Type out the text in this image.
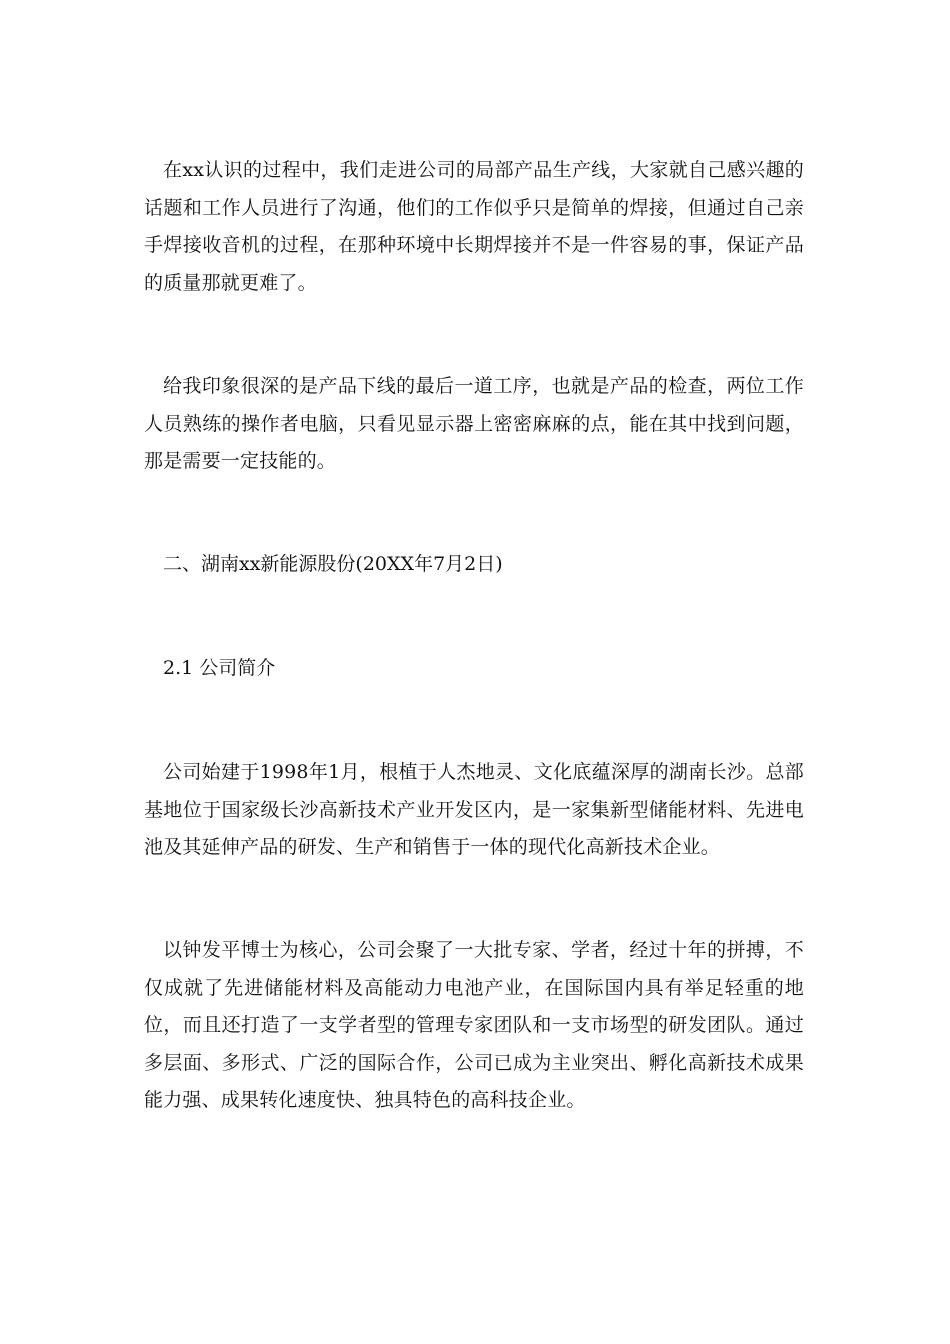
在xx认识的过程中，我们走进公司的局部产品生产线，大家就自己感兴趣的话题和工作人员进行了沟通，他们的工作似乎只是简单的焊接，但通过自己亲手焊接收音机的过程，在那种环境中长期焊接并不是一件容易的事，保证产品的质量那就更难了。

给我印象很深的是产品下线的最后一道工序，也就是产品的检查，两位工作人员熟练的操作者电脑，只看见显示器上密密麻麻的点，能在其中找到问题，那是需要一定技能的。

二、湖南xx新能源股份(20XX年7月2日)

2.1 公司简介

公司始建于1998年1月，根植于人杰地灵、文化底蕴深厚的湖南长沙。总部基地位于国家级长沙高新技术产业开发区内，是一家集新型储能材料、先进电池及其延伸产品的研发、生产和销售于一体的现代化高新技术企业。

以钟发平博士为核心，公司会聚了一大批专家、学者，经过十年的拼搏，不仅成就了先进储能材料及高能动力电池产业，在国际国内具有举足轻重的地位，而且还打造了一支学者型的管理专家团队和一支市场型的研发团队。通过多层面、多形式、广泛的国际合作，公司已成为主业突出、孵化高新技术成果能力强、成果转化速度快、独具特色的高科技企业。
